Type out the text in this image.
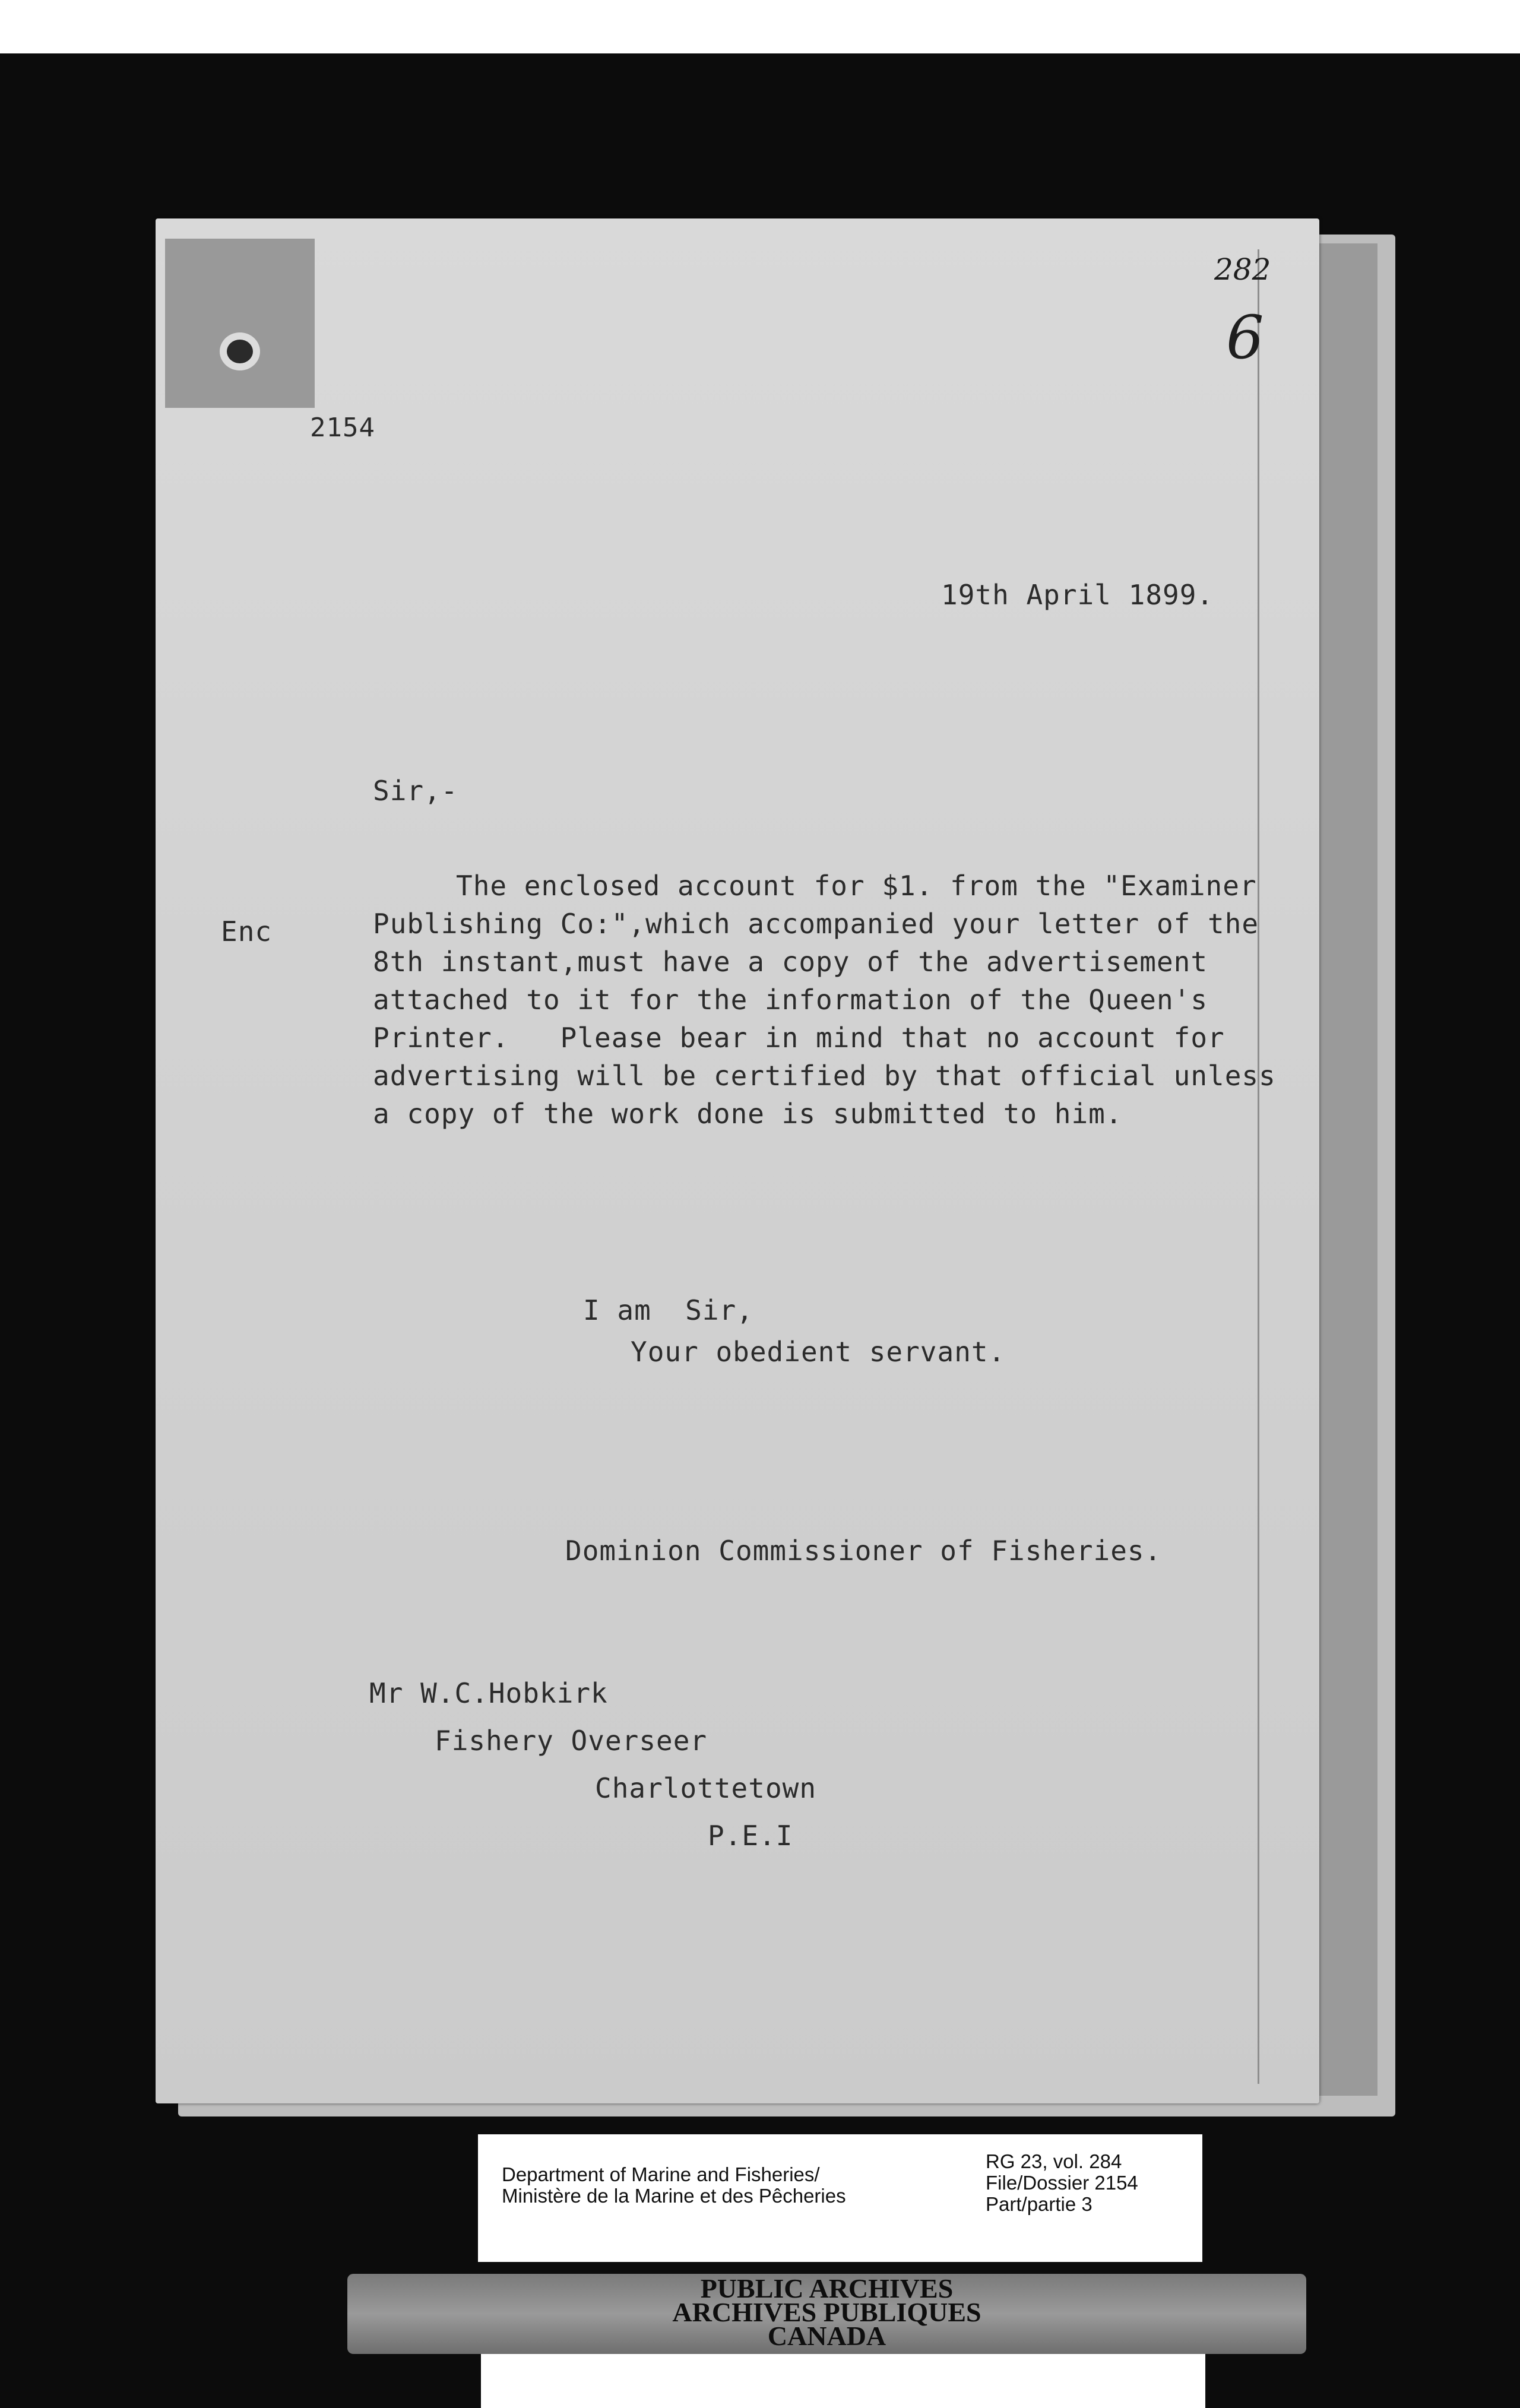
282
6
2154
19th April 1899.
Sir,-
Enc
The enclosed account for $1. from the "Examiner
Publishing Co:",which accompanied your letter of the
8th instant,must have a copy of the advertisement
attached to it for the information of the Queen's
Printer.   Please bear in mind that no account for
advertising will be certified by that official unless
a copy of the work done is submitted to him.
I am  Sir,
Your obedient servant.
Dominion Commissioner of Fisheries.
Mr W.C.Hobkirk
Fishery Overseer
Charlottetown
P.E.I
Department of Marine and Fisheries/
Ministère de la Marine et des Pêcheries
RG 23, vol. 284
File/Dossier 2154
Part/partie 3
PUBLIC ARCHIVES
ARCHIVES PUBLIQUES
CANADA
